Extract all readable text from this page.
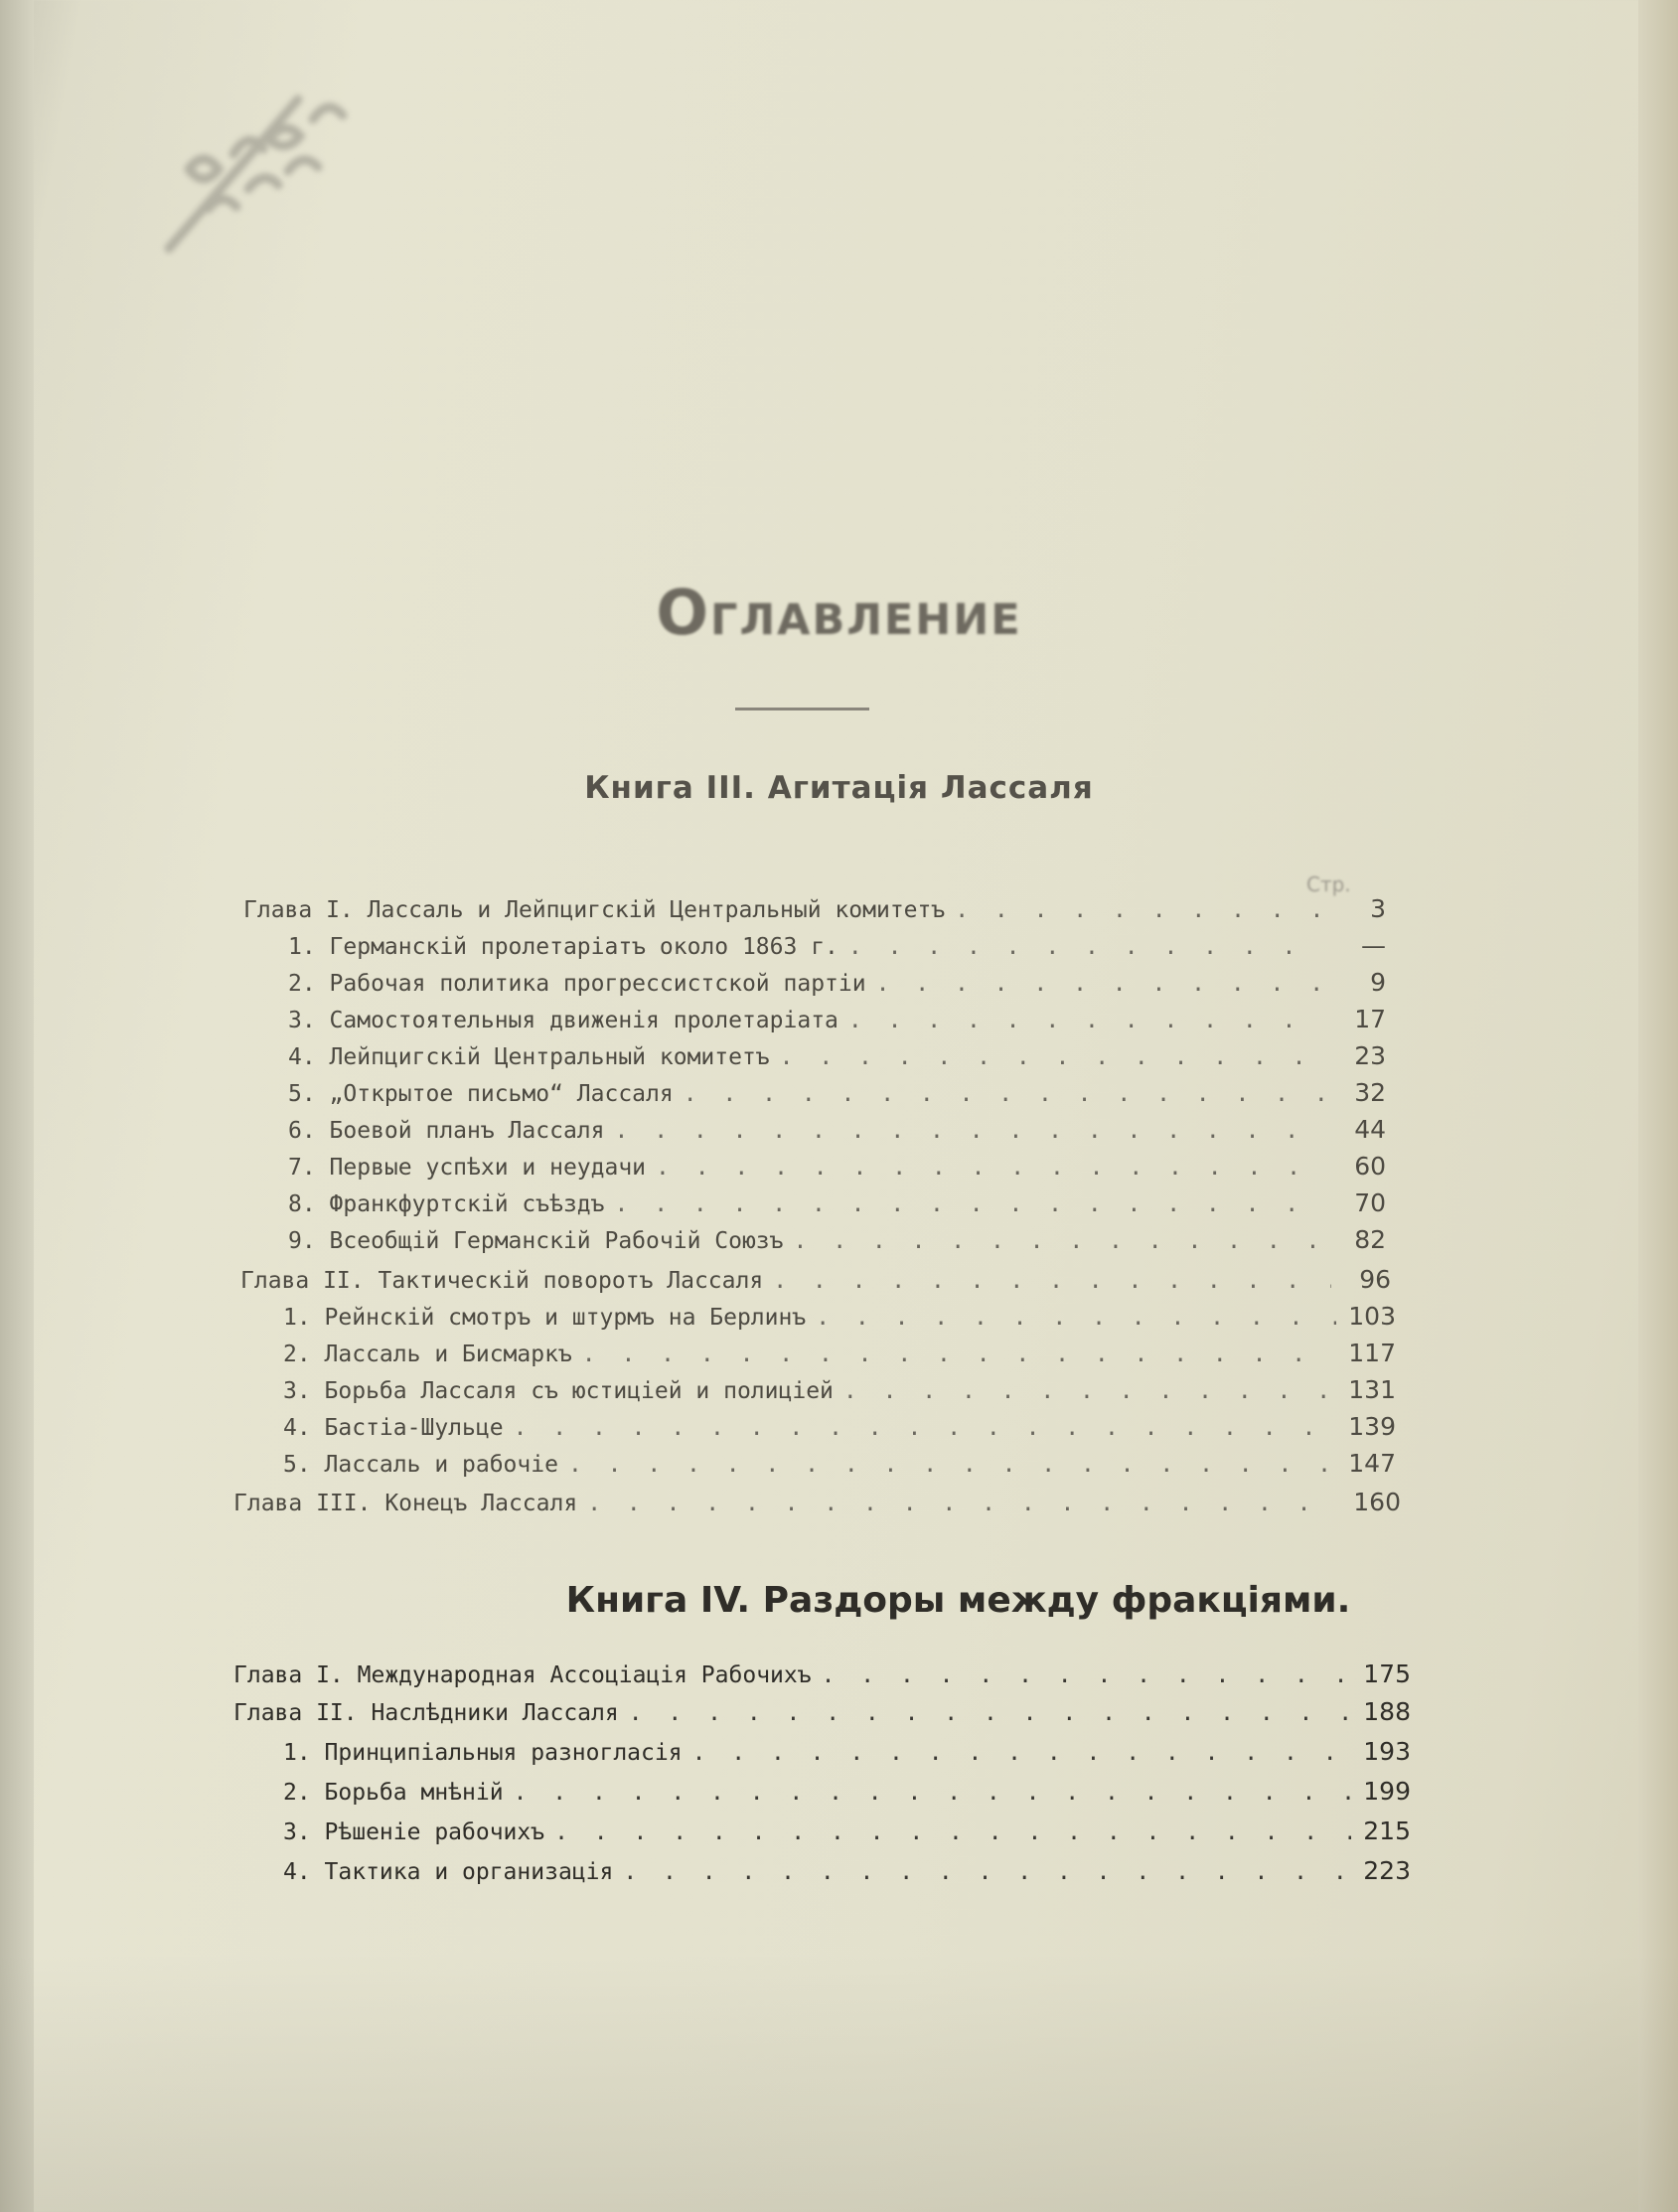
Оглавление
Книга III. Агитація Лассаля
Стр.
Глава I. Лассаль и Лейпцигскій Центральный комитетъ . . .	3
1. Германскій пролетаріатъ около 1863 г. . . .	—
2. Рабочая политика прогрессистской партіи . . .	9
3. Самостоятельныя движенія пролетаріата . . .	17
4. Лейпцигскій Центральный комитетъ . . .	23
5. „Открытое письмо“ Лассаля . . .	32
6. Боевой планъ Лассаля . . .	44
7. Первые успѣхи и неудачи . . .	60
8. Франкфуртскій съѣздъ . . .	70
9. Всеобщій Германскій Рабочій Союзъ . . .	82
Глава II. Тактическій поворотъ Лассаля . . .	96
1. Рейнскій смотръ и штурмъ на Берлинъ . . .	103
2. Лассаль и Бисмаркъ . . .	117
3. Борьба Лассаля съ юстиціей и полиціей . . .	131
4. Бастіа-Шульце . . .	139
5. Лассаль и рабочіе . . .	147
Глава III. Конецъ Лассаля . . .	160
Книга IV. Раздоры между фракціями.
Глава I. Международная Ассоціація Рабочихъ . . .	175
Глава II. Наслѣдники Лассаля . . .	188
1. Принципіальныя разногласія . . .	193
2. Борьба мнѣній . . .	199
3. Рѣшеніе рабочихъ . . .	215
4. Тактика и организація . . .	223
